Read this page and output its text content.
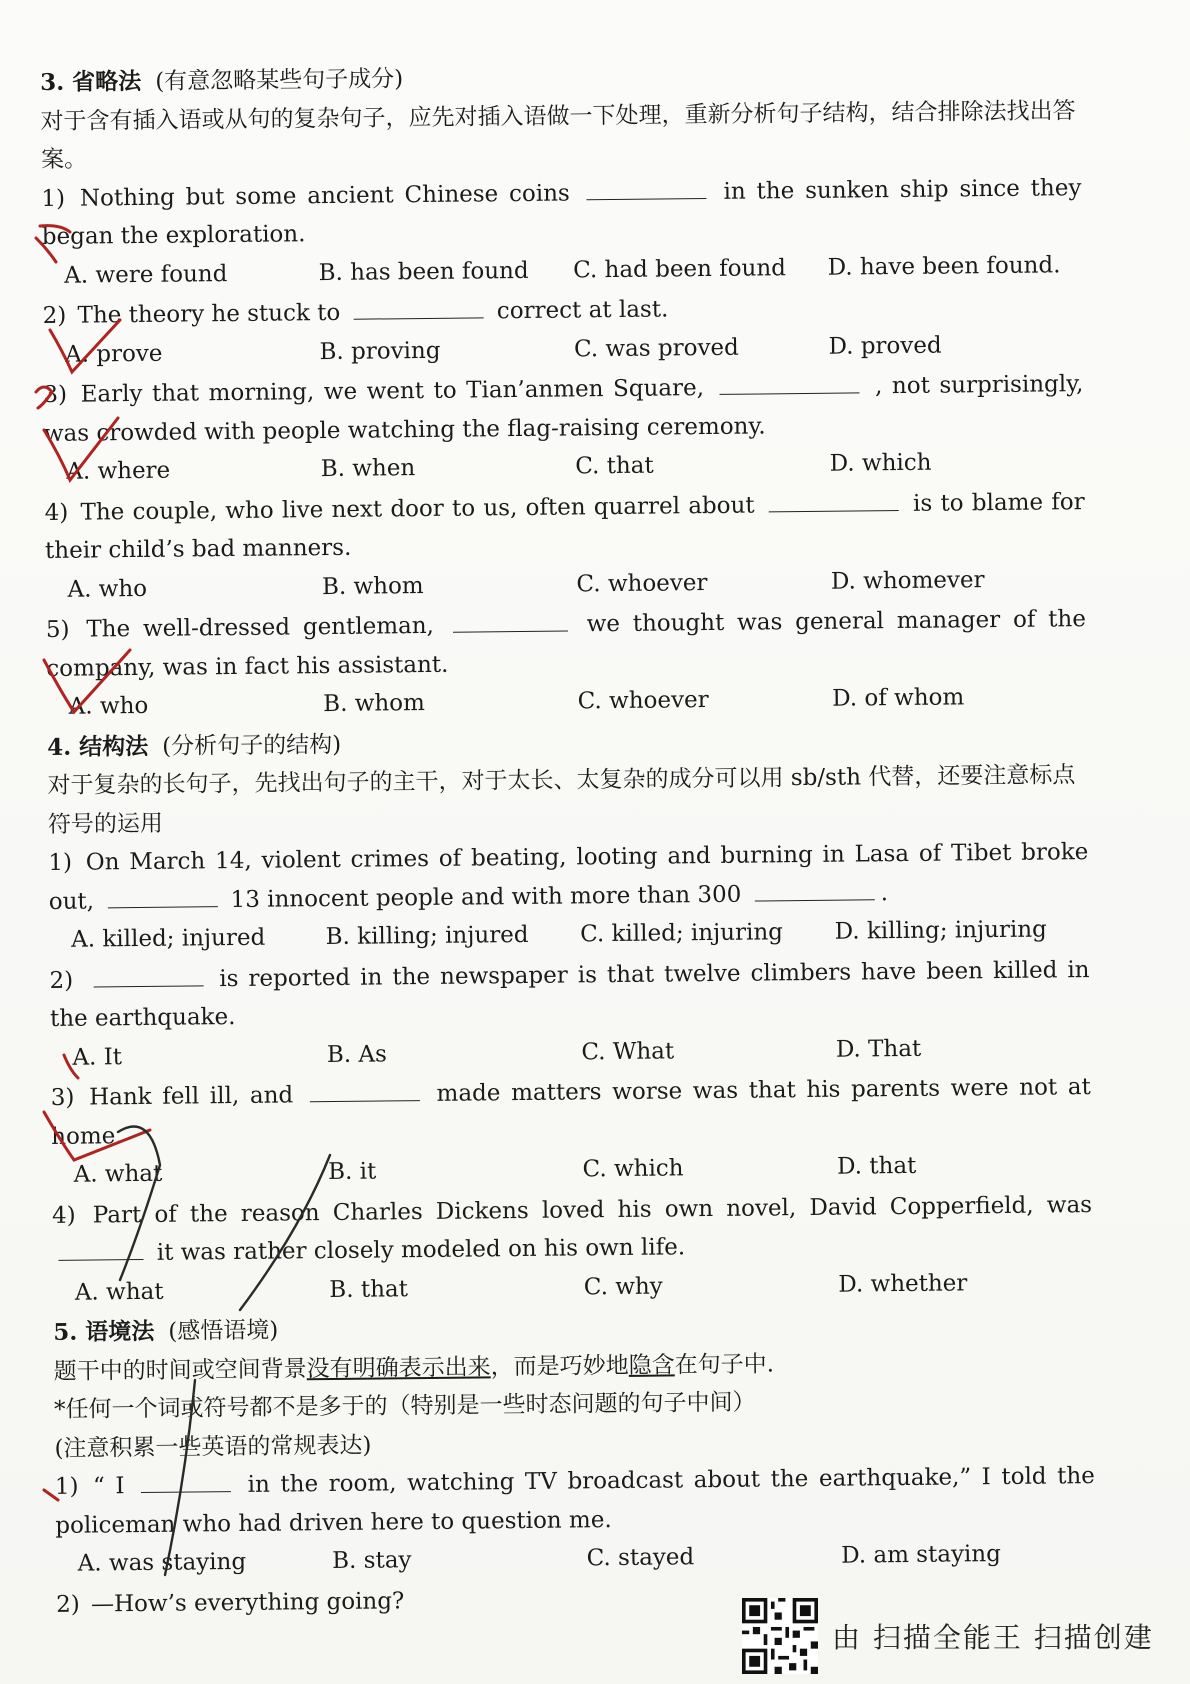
3. 省略法 (有意忽略某些句子成分)

对于含有插入语或从句的复杂句子，应先对插入语做一下处理，重新分析句子结构，结合排除法找出答案。

1) Nothing but some ancient Chinese coins	in the sunken ship since they began the exploration.

A. were found	B. has been found	C. had been found	D. have been found.

2) The theory he stuck to	correct at last.

A. prove	B. proving	C. was proved	D. proved

3) Early that morning, we went to Tian’anmen Square,	, not surprisingly, was crowded with people watching the flag-raising ceremony.

A. where	B. when	C. that	D. which

4) The couple, who live next door to us, often quarrel about	is to blame for their child’s bad manners.

A. who	B. whom	C. whoever	D. whomever

5) The well-dressed gentleman,	we thought was general manager of the company, was in fact his assistant.

A. who	B. whom	C. whoever	D. of whom
4. 结构法 (分析句子的结构)

对于复杂的长句子，先找出句子的主干，对于太长、太复杂的成分可以用 sb/sth 代替，还要注意标点符号的运用

1) On March 14, violent crimes of beating, looting and burning in Lasa of Tibet broke out,	13 innocent people and with more than 300	.

A. killed; injured	B. killing; injured	C. killed; injuring	D. killing; injuring

2)	is reported in the newspaper is that twelve climbers have been killed in the earthquake.

A. It	B. As	C. What	D. That

3) Hank fell ill, and	made matters worse was that his parents were not at home.

A. what	B. it	C. which	D. that

4) Part of the reason Charles Dickens loved his own novel, David Copperfield, was  it was rather closely modeled on his own life.

A. what	B. that	C. why	D. whether
5. 语境法 (感悟语境)

题干中的时间或空间背景没有明确表示出来，而是巧妙地隐含在句子中.

*任何一个词或符号都不是多于的（特别是一些时态问题的句子中间）

(注意积累一些英语的常规表达)

1) “ I	in the room, watching TV broadcast about the earthquake,” I told the policeman who had driven here to question me.

A. was staying	B. stay	C. stayed	D. am staying

2) —How’s everything going?

由 扫描全能王 扫描创建
